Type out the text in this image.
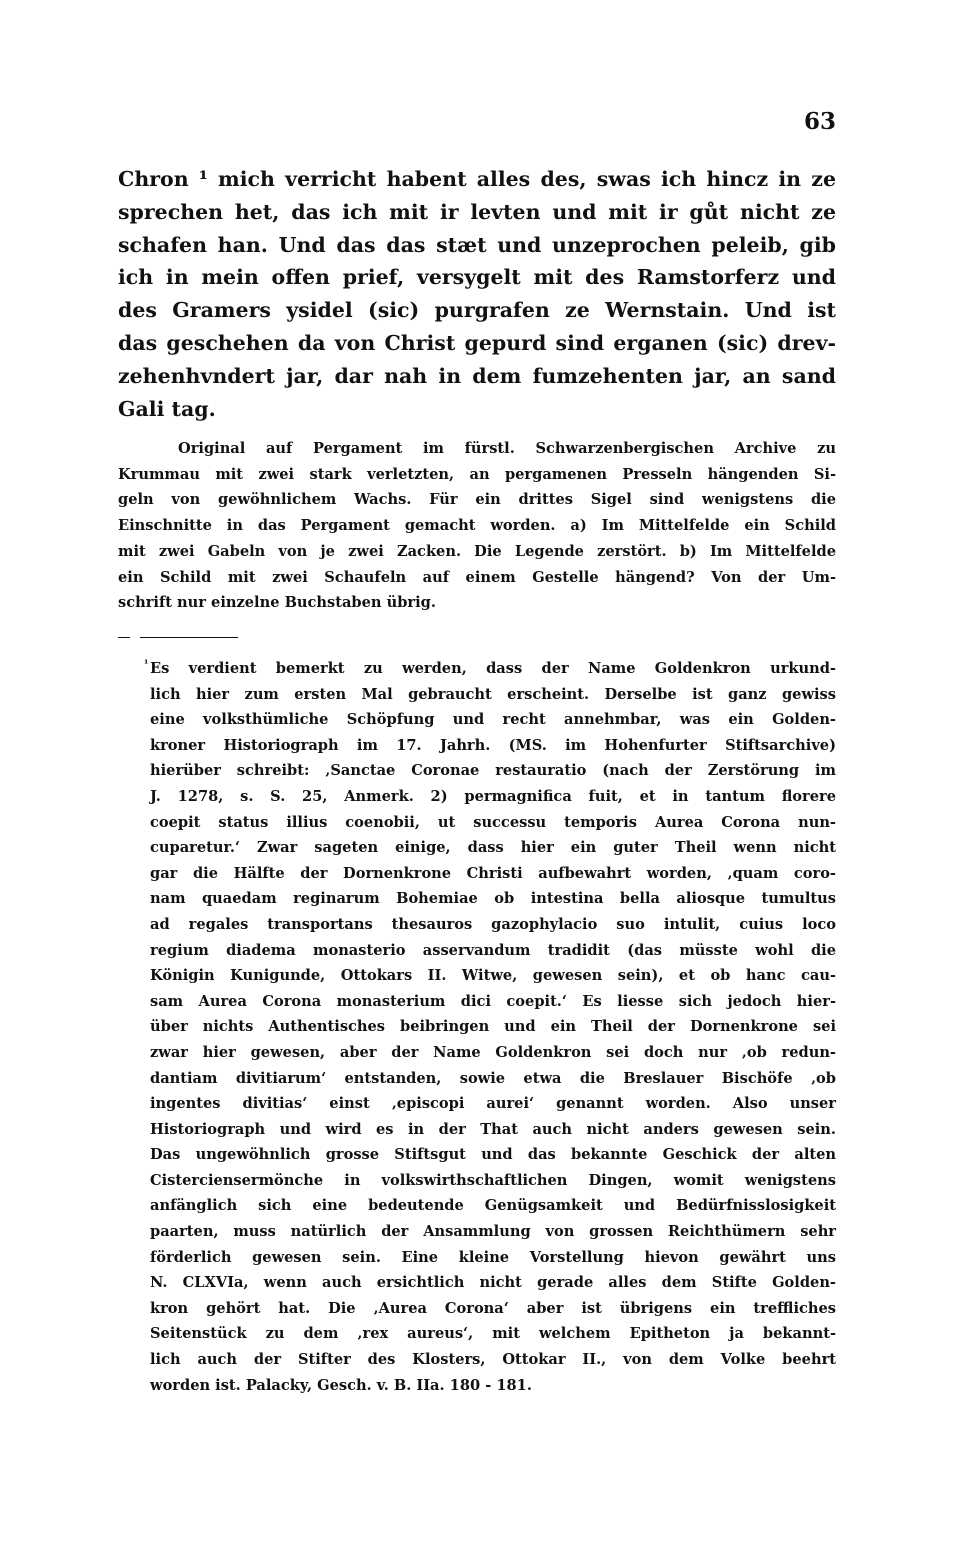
63
Chron ¹ mich verricht habent alles des, swas ich hincz in ze
sprechen het, das ich mit ir levten und mit ir gůt nicht ze
schafen han. Und das das stæt und unzeprochen peleib, gib
ich in mein offen prief, versygelt mit des Ramstorferz und
des Gramers ysidel (sic) purgrafen ze Wernstain. Und ist
das geschehen da von Christ gepurd sind erganen (sic) drev-
zehenhvndert jar, dar nah in dem fumzehenten jar, an sand
Gali tag.
Original auf Pergament im fürstl. Schwarzenbergischen Archive zu
Krummau mit zwei stark verletzten, an pergamenen Presseln hängenden Si-
geln von gewöhnlichem Wachs. Für ein drittes Sigel sind wenigstens die
Einschnitte in das Pergament gemacht worden. a) Im Mittelfelde ein Schild
mit zwei Gabeln von je zwei Zacken. Die Legende zerstört. b) Im Mittelfelde
ein Schild mit zwei Schaufeln auf einem Gestelle hängend? Von der Um-
schrift nur einzelne Buchstaben übrig.
¹ Es verdient bemerkt zu werden, dass der Name Goldenkron urkund-
lich hier zum ersten Mal gebraucht erscheint. Derselbe ist ganz gewiss
eine volksthümliche Schöpfung und recht annehmbar, was ein Golden-
kroner Historiograph im 17. Jahrh. (MS. im Hohenfurter Stiftsarchive)
hierüber schreibt: ‚Sanctae Coronae restauratio (nach der Zerstörung im
J. 1278, s. S. 25, Anmerk. 2) permagnifica fuit, et in tantum florere
coepit status illius coenobii, ut successu temporis Aurea Corona nun-
cuparetur.‘ Zwar sageten einige, dass hier ein guter Theil wenn nicht
gar die Hälfte der Dornenkrone Christi aufbewahrt worden, ‚quam coro-
nam quaedam reginarum Bohemiae ob intestina bella aliosque tumultus
ad regales transportans thesauros gazophylacio suo intulit, cuius loco
regium diadema monasterio asservandum tradidit (das müsste wohl die
Königin Kunigunde, Ottokars II. Witwe, gewesen sein), et ob hanc cau-
sam Aurea Corona monasterium dici coepit.‘ Es liesse sich jedoch hier-
über nichts Authentisches beibringen und ein Theil der Dornenkrone sei
zwar hier gewesen, aber der Name Goldenkron sei doch nur ‚ob redun-
dantiam divitiarum‘ entstanden, sowie etwa die Breslauer Bischöfe ‚ob
ingentes divitias‘ einst ‚episcopi aurei‘ genannt worden. Also unser
Historiograph und wird es in der That auch nicht anders gewesen sein.
Das ungewöhnlich grosse Stiftsgut und das bekannte Geschick der alten
Cisterciensermönche in volkswirthschaftlichen Dingen, womit wenigstens
anfänglich sich eine bedeutende Genügsamkeit und Bedürfnisslosigkeit
paarten, muss natürlich der Ansammlung von grossen Reichthümern sehr
förderlich gewesen sein. Eine kleine Vorstellung hievon gewährt uns
N. CLXVIa, wenn auch ersichtlich nicht gerade alles dem Stifte Golden-
kron gehört hat. Die ‚Aurea Corona‘ aber ist übrigens ein treffliches
Seitenstück zu dem ‚rex aureus‘, mit welchem Epitheton ja bekannt-
lich auch der Stifter des Klosters, Ottokar II., von dem Volke beehrt
worden ist. Palacky, Gesch. v. B. IIa. 180 - 181.
